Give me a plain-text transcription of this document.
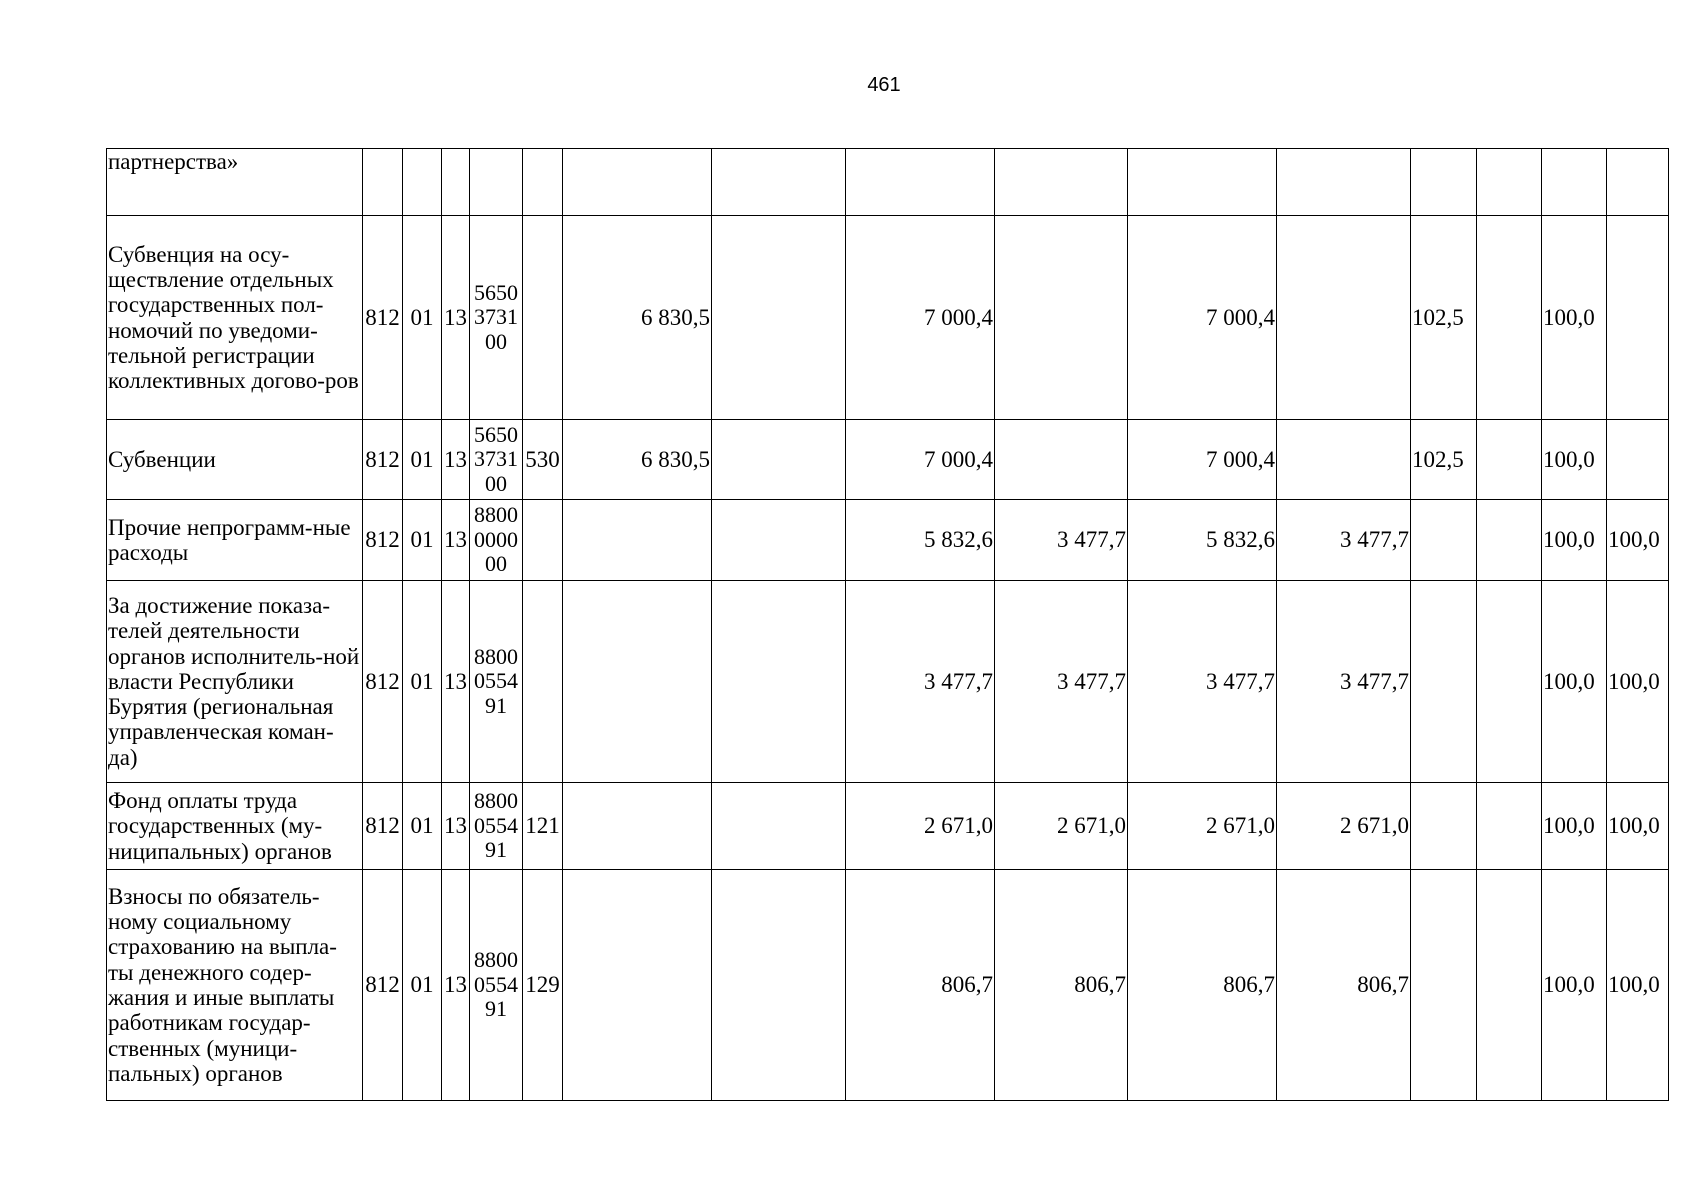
461
партнерства»															
Субвенция на осу-ществление отдельных государственных пол-номочий по уведоми-тельной регистрации коллективных догово-ров	812	01	13	5650373100		6 830,5		7 000,4		7 000,4		102,5		100,0	
Субвенции	812	01	13	5650373100	530	6 830,5		7 000,4		7 000,4		102,5		100,0	
Прочие непрограмм-ные расходы	812	01	13	8800000000				5 832,6	3 477,7	5 832,6	3 477,7			100,0	100,0
За достижение показа-телей деятельности органов исполнитель-ной власти Республики Бурятия (региональная управленческая коман-да)	812	01	13	8800055491				3 477,7	3 477,7	3 477,7	3 477,7			100,0	100,0
Фонд оплаты труда государственных (му-ниципальных) органов	812	01	13	8800055491	121			2 671,0	2 671,0	2 671,0	2 671,0			100,0	100,0
Взносы по обязатель-ному социальному страхованию на выпла-ты денежного содер-жания и иные выплаты работникам государ-ственных (муници-пальных) органов	812	01	13	8800055491	129			806,7	806,7	806,7	806,7			100,0	100,0
